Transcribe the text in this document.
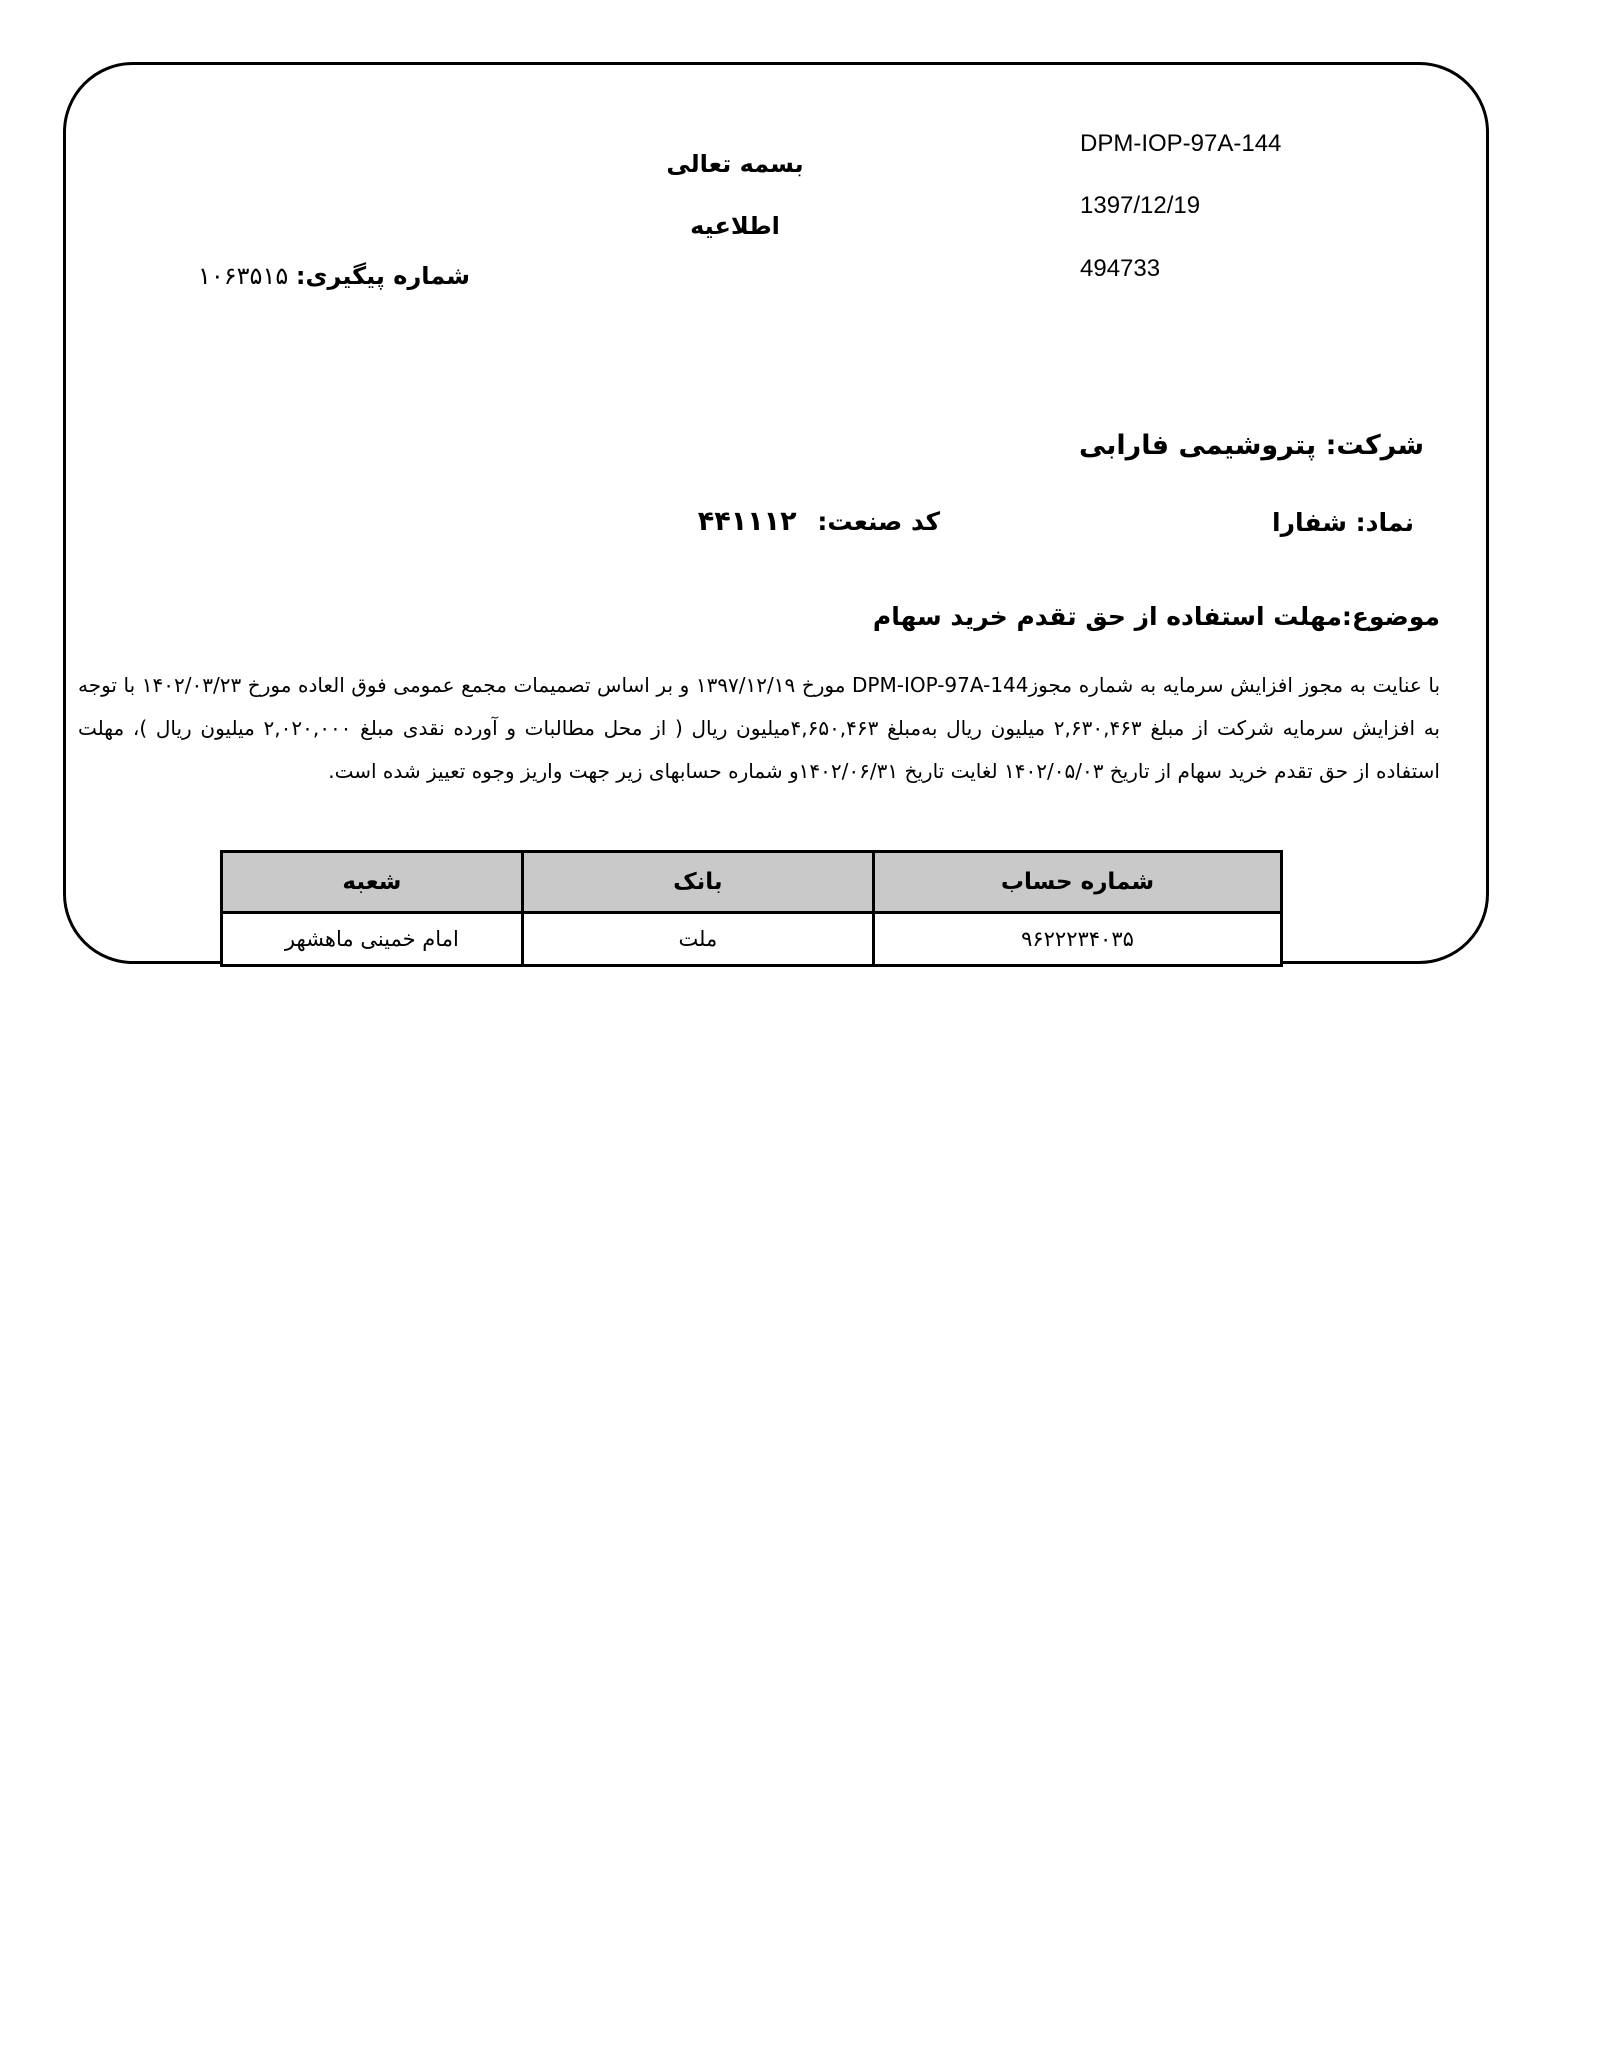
DPM-IOP-97A-144
1397/12/19
494733
بسمه تعالی
اطلاعیه
شماره پیگیری: ۱۰۶۳۵۱۵
شرکت: پتروشیمی فارابی
نماد: شفارا
کد صنعت: ۴۴۱۱۱۲
موضوع:مهلت استفاده از حق تقدم خرید سهام
با عنایت به مجوز افزایش سرمایه به شماره مجوزDPM-IOP-97A-144 مورخ ۱۳۹۷/۱۲/۱۹ و بر اساس تصمیمات مجمع عمومی فوق العاده مورخ ۱۴۰۲/۰۳/۲۳ با توجه به افزایش سرمایه شرکت از مبلغ ۲,۶۳۰,۴۶۳ میلیون ریال به‌مبلغ ۴,۶۵۰,۴۶۳میلیون ریال ( از محل مطالبات و آورده نقدی مبلغ ۲,۰۲۰,۰۰۰ میلیون ریال )، مهلت استفاده از حق تقدم خرید سهام از تاریخ ۱۴۰۲/۰۵/۰۳ لغایت تاریخ ۱۴۰۲/۰۶/۳۱و شماره حسابهای زیر جهت واریز وجوه تعییز شده است.
شماره حساب	بانک	شعبه
۹۶۲۲۲۳۴۰۳۵	ملت	امام خمینی ماهشهر
